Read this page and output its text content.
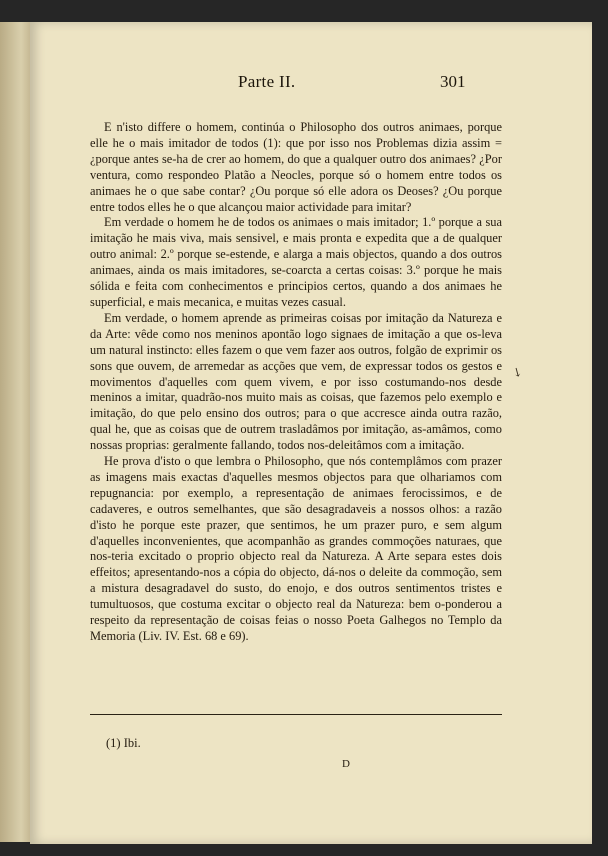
Parte II.	301

E n'isto differe o homem, continúa o Philosopho dos outros animaes, porque elle he o mais imitador de todos (1): que por isso nos Problemas dizia assim = ¿porque antes se-ha de crer ao homem, do que a qualquer outro dos animaes? ¿Por ventura, como respondeo Platão a Neocles, porque só o homem entre todos os animaes he o que sabe contar? ¿Ou porque só elle adora os Deoses? ¿Ou porque entre todos elles he o que alcançou maior actividade para imitar?

Em verdade o homem he de todos os animaes o mais imitador; 1.º porque a sua imitação he mais viva, mais sensivel, e mais pronta e expedita que a de qualquer outro animal: 2.º porque se-estende, e alarga a mais objectos, quando a dos outros animaes, ainda os mais imitadores, se-coarcta a certas coisas: 3.º porque he mais sólida e feita com conhecimentos e principios certos, quando a dos animaes he superficial, e mais mecanica, e muitas vezes casual.

Em verdade, o homem aprende as primeiras coisas por imitação da Natureza e da Arte: vêde como nos meninos apontão logo signaes de imitação a que os-leva um natural instincto: elles fazem o que vem fazer aos outros, folgão de exprimir os sons que ouvem, de arremedar as acções que vem, de expressar todos os gestos e movimentos d'aquelles com quem vivem, e por isso costumando-nos desde meninos a imitar, quadrão-nos muito mais as coisas, que fazemos pelo exemplo e imitação, do que pelo ensino dos outros; para o que accresce ainda outra razão, qual he, que as coisas que de outrem trasladâmos por imitação, as-amâmos, como nossas proprias: geralmente fallando, todos nos-deleitâmos com a imitação.

He prova d'isto o que lembra o Philosopho, que nós contemplâmos com prazer as imagens mais exactas d'aquelles mesmos objectos para que olhariamos com repugnancia: por exemplo, a representação de animaes ferocissimos, e de cadaveres, e outros semelhantes, que são desagradaveis a nossos olhos: a razão d'isto he porque este prazer, que sentimos, he um prazer puro, e sem algum d'aquelles inconvenientes, que acompanhão as grandes commoções naturaes, que nos-teria excitado o proprio objecto real da Natureza. A Arte separa estes dois effeitos; apresentando-nos a cópia do objecto, dá-nos o deleite da commoção, sem a mistura desagradavel do susto, do enojo, e dos outros sentimentos tristes e tumultuosos, que costuma excitar o objecto real da Natureza: bem o-ponderou a respeito da representação de coisas feias o nosso Poeta Galhegos no Templo da Memoria (Liv. IV. Est. 68 e 69).

↘
(1) Ibi.
D
